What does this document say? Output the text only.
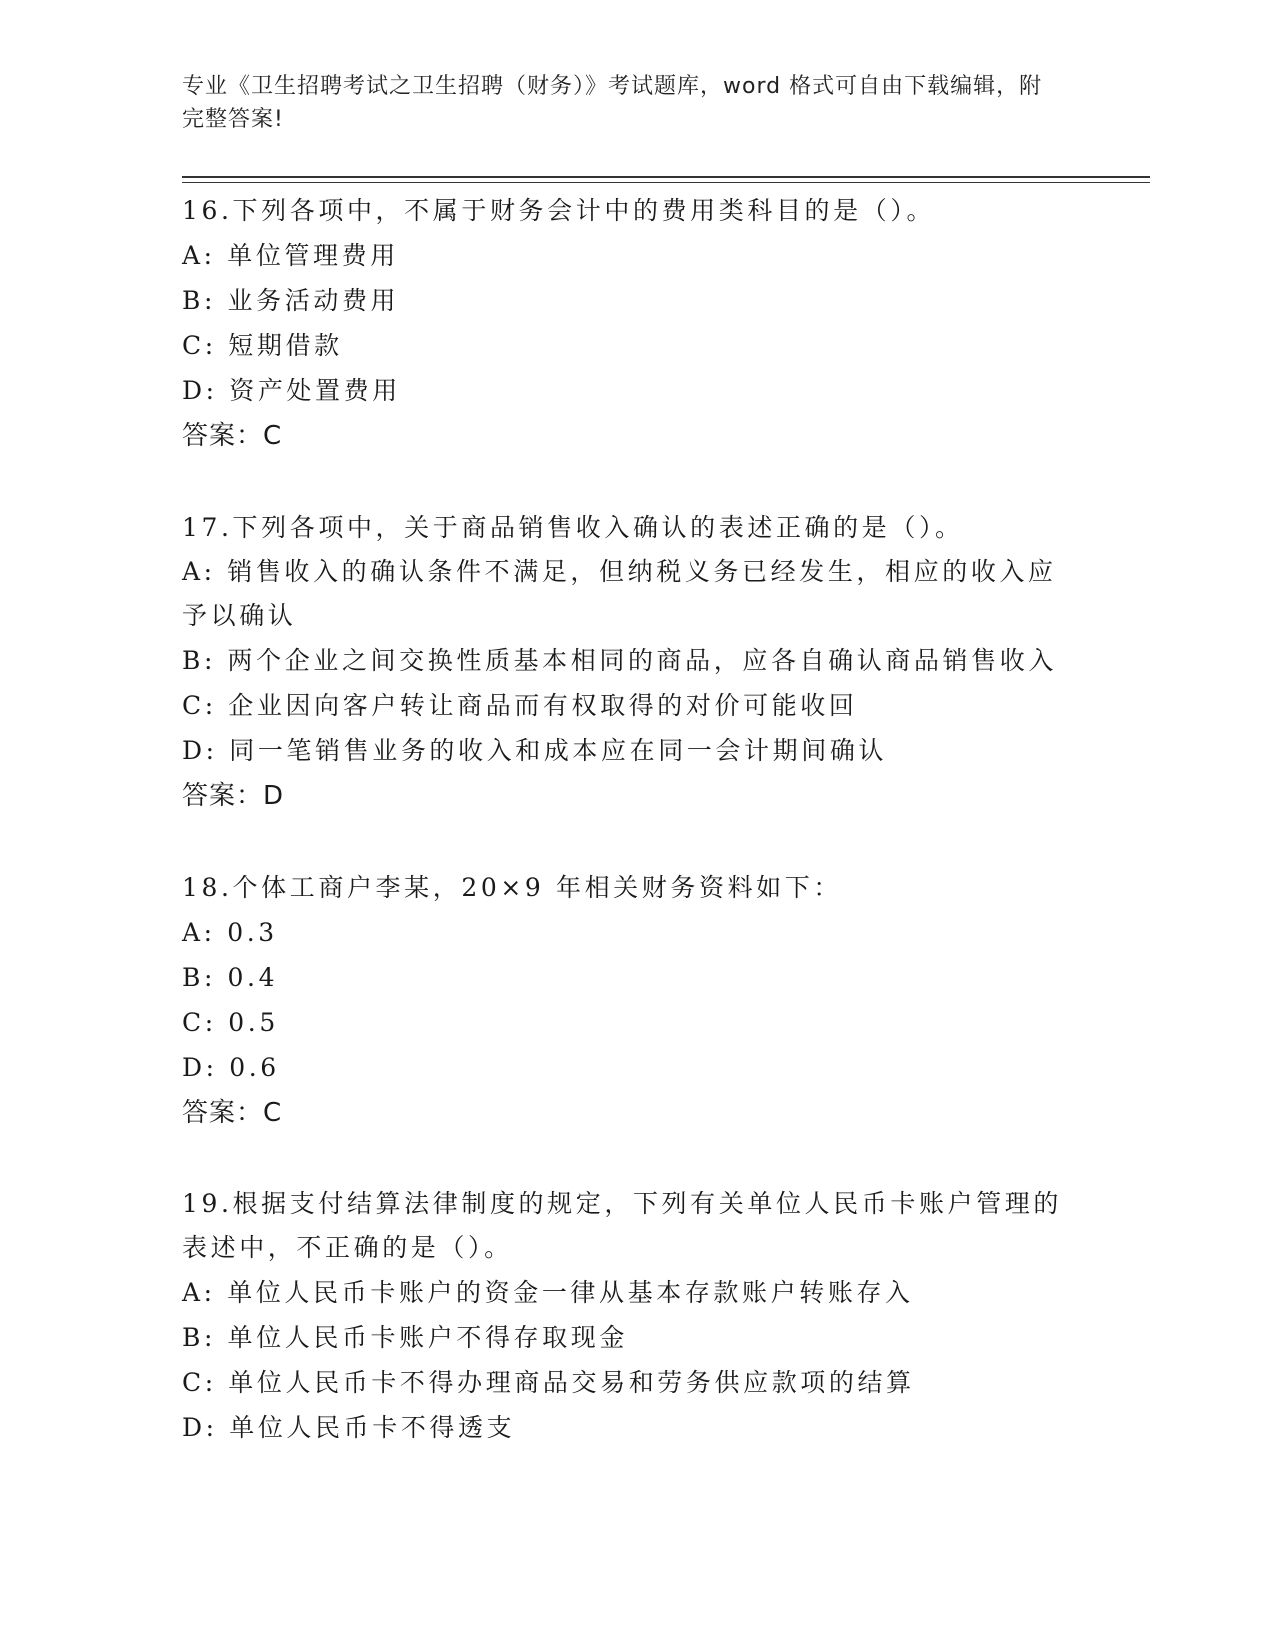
专业《卫生招聘考试之卫生招聘（财务）》考试题库，word 格式可自由下载编辑，附完整答案!
16.下列各项中，不属于财务会计中的费用类科目的是（）。
A: 单位管理费用
B: 业务活动费用
C: 短期借款
D: 资产处置费用
答案：C
17.下列各项中，关于商品销售收入确认的表述正确的是（）。
A: 销售收入的确认条件不满足，但纳税义务已经发生，相应的收入应予以确认
B: 两个企业之间交换性质基本相同的商品，应各自确认商品销售收入
C: 企业因向客户转让商品而有权取得的对价可能收回
D: 同一笔销售业务的收入和成本应在同一会计期间确认
答案：D
18.个体工商户李某，20×9 年相关财务资料如下：
A: 0.3
B: 0.4
C: 0.5
D: 0.6
答案：C
19.根据支付结算法律制度的规定，下列有关单位人民币卡账户管理的表述中，不正确的是（）。
A: 单位人民币卡账户的资金一律从基本存款账户转账存入
B: 单位人民币卡账户不得存取现金
C: 单位人民币卡不得办理商品交易和劳务供应款项的结算
D: 单位人民币卡不得透支
